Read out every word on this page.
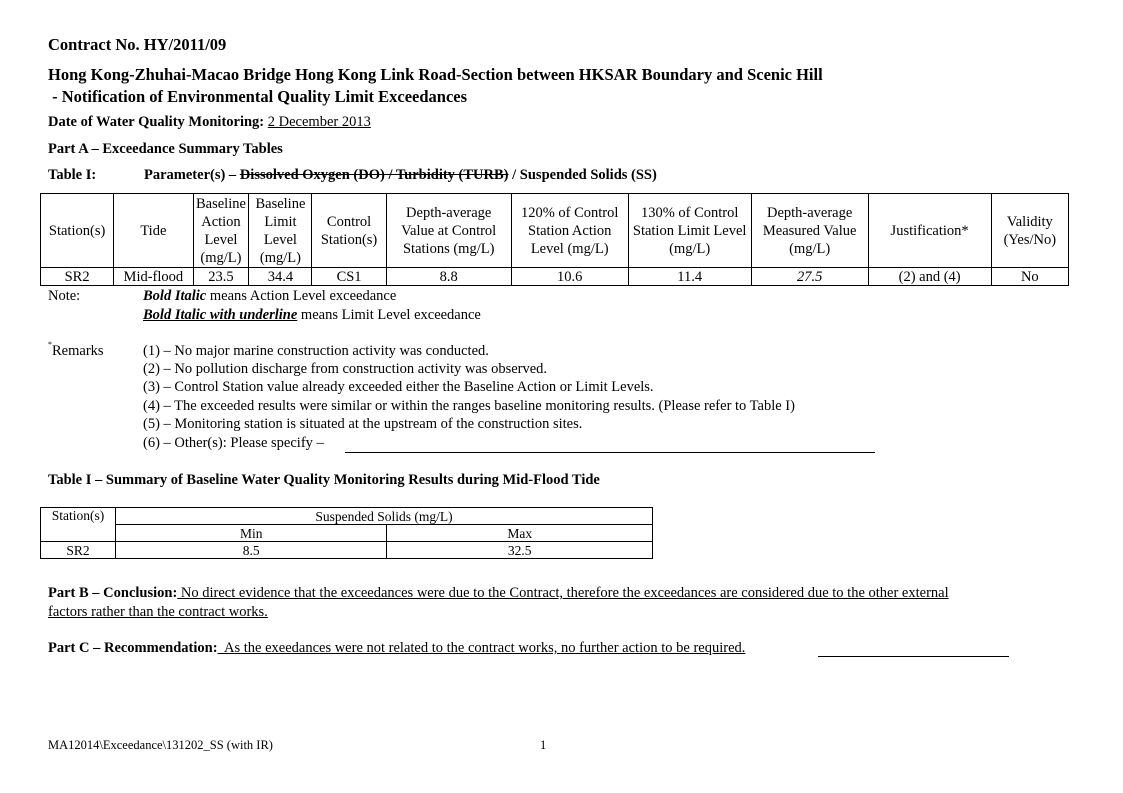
Contract No. HY/2011/09
Hong Kong-Zhuhai-Macao Bridge Hong Kong Link Road-Section between HKSAR Boundary and Scenic Hill
- Notification of Environmental Quality Limit Exceedances
Date of Water Quality Monitoring: 2 December 2013
Part A – Exceedance Summary Tables
Table I:	Parameter(s) – Dissolved Oxygen (DO) / Turbidity (TURB) / Suspended Solids (SS)
Station(s)	Tide	Baseline Action Level (mg/L)	Baseline Limit Level (mg/L)	Control Station(s)	Depth-average Value at Control Stations (mg/L)	120% of Control Station Action Level (mg/L)	130% of Control Station Limit Level (mg/L)	Depth-average Measured Value (mg/L)	Justification*	Validity (Yes/No)
SR2	Mid-flood	23.5	34.4	CS1	8.8	10.6	11.4	27.5	(2) and (4)	No
Note:	Bold Italic means Action Level exceedance
Bold Italic with underline means Limit Level exceedance
*Remarks	(1) – No major marine construction activity was conducted.
(2) – No pollution discharge from construction activity was observed.
(3) – Control Station value already exceeded either the Baseline Action or Limit Levels.
(4) – The exceeded results were similar or within the ranges baseline monitoring results. (Please refer to Table I)
(5) – Monitoring station is situated at the upstream of the construction sites.
(6) – Other(s): Please specify –
Table I – Summary of Baseline Water Quality Monitoring Results during Mid-Flood Tide
Station(s)	Suspended Solids (mg/L)	
	Min	Max
SR2	8.5	32.5
Part B – Conclusion: No direct evidence that the exceedances were due to the Contract, therefore the exceedances are considered due to the other external
factors rather than the contract works.
Part C – Recommendation:  As the exeedances were not related to the contract works, no further action to be required.
MA12014\Exceedance\131202_SS (with IR)	1
